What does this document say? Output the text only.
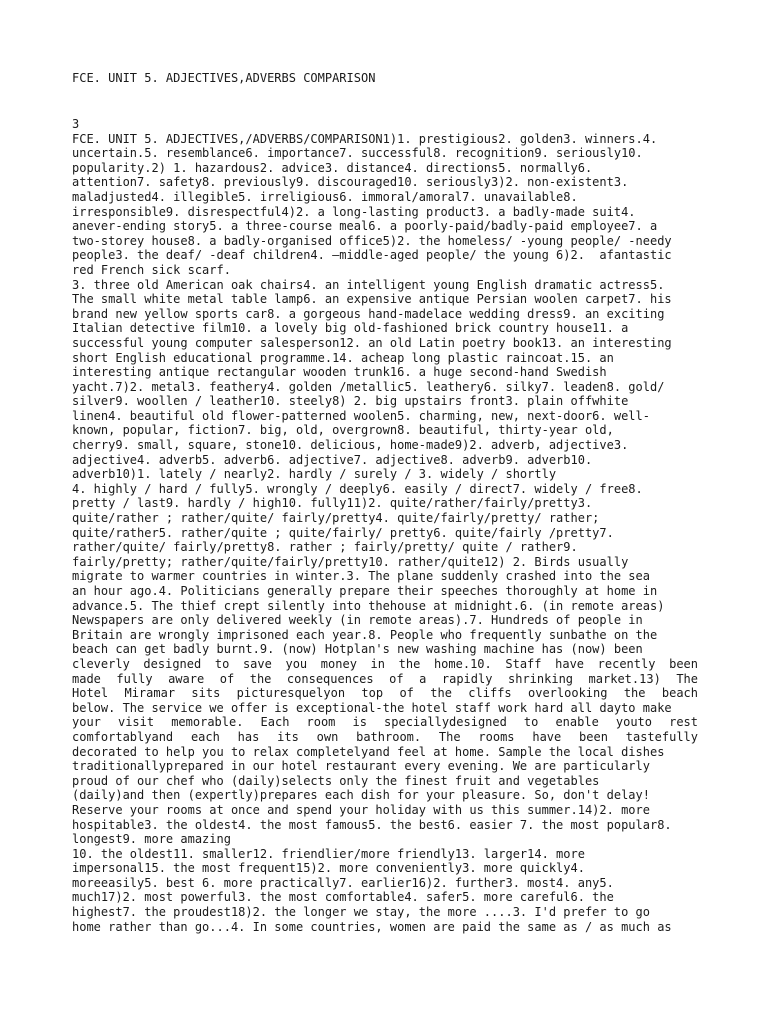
FCE. UNIT 5. ADJECTIVES,ADVERBS COMPARISON
3
FCE. UNIT 5. ADJECTIVES,/ADVERBS/COMPARISON1)1. prestigious2. golden3. winners.4.
uncertain.5. resemblance6. importance7. successful8. recognition9. seriously10.
popularity.2) 1. hazardous2. advice3. distance4. directions5. normally6.
attention7. safety8. previously9. discouraged10. seriously3)2. non-existent3.
maladjusted4. illegible5. irreligious6. immoral/amoral7. unavailable8.
irresponsible9. disrespectful4)2. a long-lasting product3. a badly-made suit4.
anever-ending story5. a three-course meal6. a poorly-paid/badly-paid employee7. a
two-storey house8. a badly-organised office5)2. the homeless/ -young people/ -needy
people3. the deaf/ -deaf children4. –middle-aged people/ the young 6)2.  afantastic
red French sick scarf.
3. three old American oak chairs4. an intelligent young English dramatic actress5.
The small white metal table lamp6. an expensive antique Persian woolen carpet7. his
brand new yellow sports car8. a gorgeous hand-madelace wedding dress9. an exciting
Italian detective film10. a lovely big old-fashioned brick country house11. a
successful young computer salesperson12. an old Latin poetry book13. an interesting
short English educational programme.14. acheap long plastic raincoat.15. an
interesting antique rectangular wooden trunk16. a huge second-hand Swedish
yacht.7)2. metal3. feathery4. golden /metallic5. leathery6. silky7. leaden8. gold/
silver9. woollen / leather10. steely8) 2. big upstairs front3. plain offwhite
linen4. beautiful old flower-patterned woolen5. charming, new, next-door6. well-
known, popular, fiction7. big, old, overgrown8. beautiful, thirty-year old,
cherry9. small, square, stone10. delicious, home-made9)2. adverb, adjective3.
adjective4. adverb5. adverb6. adjective7. adjective8. adverb9. adverb10.
adverb10)1. lately / nearly2. hardly / surely / 3. widely / shortly
4. highly / hard / fully5. wrongly / deeply6. easily / direct7. widely / free8.
pretty / last9. hardly / high10. fully11)2. quite/rather/fairly/pretty3.
quite/rather ; rather/quite/ fairly/pretty4. quite/fairly/pretty/ rather;
quite/rather5. rather/quite ; quite/fairly/ pretty6. quite/fairly /pretty7.
rather/quite/ fairly/pretty8. rather ; fairly/pretty/ quite / rather9.
fairly/pretty; rather/quite/fairly/pretty10. rather/quite12) 2. Birds usually
migrate to warmer countries in winter.3. The plane suddenly crashed into the sea
an hour ago.4. Politicians generally prepare their speeches thoroughly at home in
advance.5. The thief crept silently into thehouse at midnight.6. (in remote areas)
Newspapers are only delivered weekly (in remote areas).7. Hundreds of people in
Britain are wrongly imprisoned each year.8. People who frequently sunbathe on the
beach can get badly burnt.9. (now) Hotplan's new washing machine has (now) been
cleverly designed to save you money in the home.10. Staff have recently been
made fully aware of the consequences of a rapidly shrinking market.13) The
Hotel Miramar sits picturesquelyon top of the cliffs overlooking the beach
below. The service we offer is exceptional-the hotel staff work hard all dayto make
your visit memorable. Each room is speciallydesigned to enable youto rest
comfortablyand each has its own bathroom. The rooms have been tastefully
decorated to help you to relax completelyand feel at home. Sample the local dishes
traditionallyprepared in our hotel restaurant every evening. We are particularly
proud of our chef who (daily)selects only the finest fruit and vegetables
(daily)and then (expertly)prepares each dish for your pleasure. So, don't delay!
Reserve your rooms at once and spend your holiday with us this summer.14)2. more
hospitable3. the oldest4. the most famous5. the best6. easier 7. the most popular8.
longest9. more amazing
10. the oldest11. smaller12. friendlier/more friendly13. larger14. more
impersonal15. the most frequent15)2. more conveniently3. more quickly4.
moreeasily5. best 6. more practically7. earlier16)2. further3. most4. any5.
much17)2. most powerful3. the most comfortable4. safer5. more careful6. the
highest7. the proudest18)2. the longer we stay, the more ....3. I'd prefer to go
home rather than go...4. In some countries, women are paid the same as / as much as
